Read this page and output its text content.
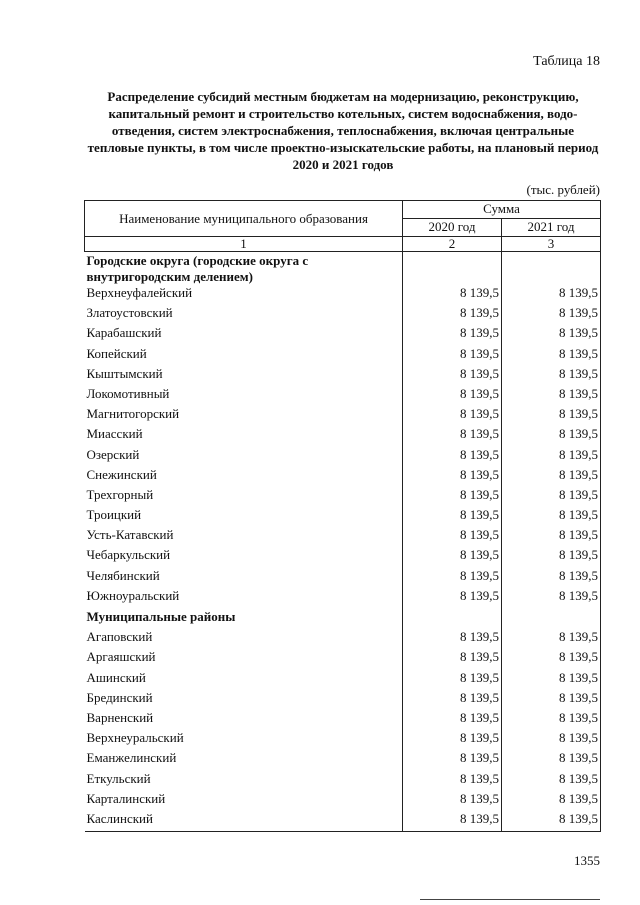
Таблица 18
Распределение субсидий местным бюджетам на модернизацию, реконструкцию, капитальный ремонт и строительство котельных, систем водоснабжения, водо-отведения, систем электроснабжения, теплоснабжения, включая центральные тепловые пункты, в том числе проектно-изыскательские работы, на плановый период 2020 и 2021 годов
(тыс. рублей)
Наименование муниципального образования	Сумма	
	2020 год	2021 год
1	2	3
Городские округа (городские округа с внутригородским делением)		
Верхнеуфалейский	8 139,5	8 139,5
Златоустовский	8 139,5	8 139,5
Карабашский	8 139,5	8 139,5
Копейский	8 139,5	8 139,5
Кыштымский	8 139,5	8 139,5
Локомотивный	8 139,5	8 139,5
Магнитогорский	8 139,5	8 139,5
Миасский	8 139,5	8 139,5
Озерский	8 139,5	8 139,5
Снежинский	8 139,5	8 139,5
Трехгорный	8 139,5	8 139,5
Троицкий	8 139,5	8 139,5
Усть-Катавский	8 139,5	8 139,5
Чебаркульский	8 139,5	8 139,5
Челябинский	8 139,5	8 139,5
Южноуральский	8 139,5	8 139,5
Муниципальные районы		
Агаповский	8 139,5	8 139,5
Аргаяшский	8 139,5	8 139,5
Ашинский	8 139,5	8 139,5
Брединский	8 139,5	8 139,5
Варненский	8 139,5	8 139,5
Верхнеуральский	8 139,5	8 139,5
Еманжелинский	8 139,5	8 139,5
Еткульский	8 139,5	8 139,5
Карталинский	8 139,5	8 139,5
Каслинский	8 139,5	8 139,5
1355
